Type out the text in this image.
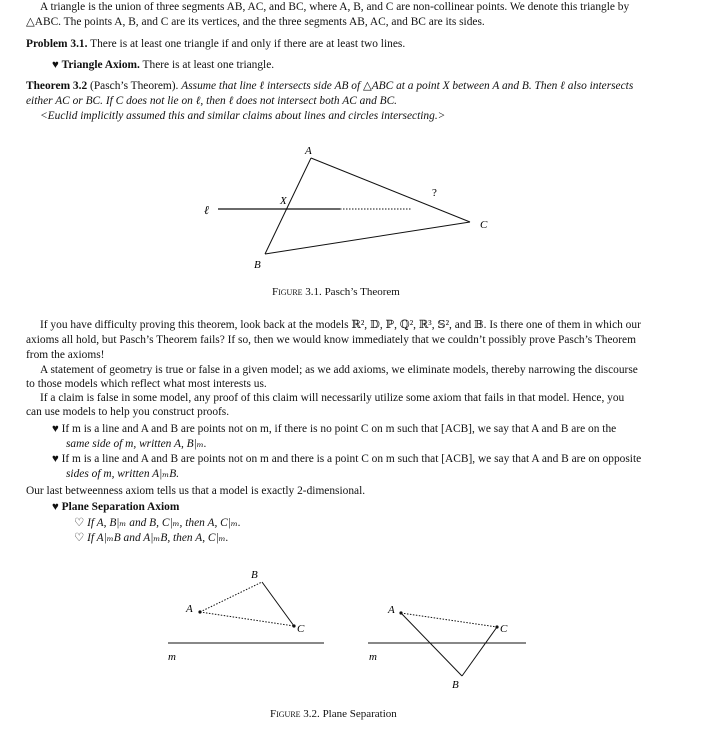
A triangle is the union of three segments AB, AC, and BC, where A, B, and C are non-collinear points. We denote this triangle by
△ABC. The points A, B, and C are its vertices, and the three segments AB, AC, and BC are its sides.
Problem 3.1. There is at least one triangle if and only if there are at least two lines.
♥ Triangle Axiom. There is at least one triangle.
Theorem 3.2 (Pasch’s Theorem). Assume that line ℓ intersects side AB of △ABC at a point X between A and B. Then ℓ also intersects
either AC or BC. If C does not lie on ℓ, then ℓ does not intersect both AC and BC.
<Euclid implicitly assumed this and similar claims about lines and circles intersecting.>
A
B
C
X
ℓ
?
Figure 3.1. Pasch’s Theorem
If you have difficulty proving this theorem, look back at the models ℝ², 𝔻, ℙ, ℚ², ℝ³, 𝕊², and 𝔹. Is there one of them in which our
axioms all hold, but Pasch’s Theorem fails? If so, then we would know immediately that we couldn’t possibly prove Pasch’s Theorem
from the axioms!
A statement of geometry is true or false in a given model; as we add axioms, we eliminate models, thereby narrowing the discourse
to those models which reflect what most interests us.
If a claim is false in some model, any proof of this claim will necessarily utilize some axiom that fails in that model. Hence, you
can use models to help you construct proofs.
♥ If m is a line and A and B are points not on m, if there is no point C on m such that [ACB], we say that A and B are on the
same side of m, written A, B|ₘ.
♥ If m is a line and A and B are points not on m and there is a point C on m such that [ACB], we say that A and B are on opposite
sides of m, written A|ₘB.
Our last betweenness axiom tells us that a model is exactly 2-dimensional.
♥ Plane Separation Axiom
♡ If A, B|ₘ and B, C|ₘ, then A, C|ₘ.
♡ If A|ₘB and A|ₘB, then A, C|ₘ.
A
B
C
m
A
B
C
m
Figure 3.2. Plane Separation
